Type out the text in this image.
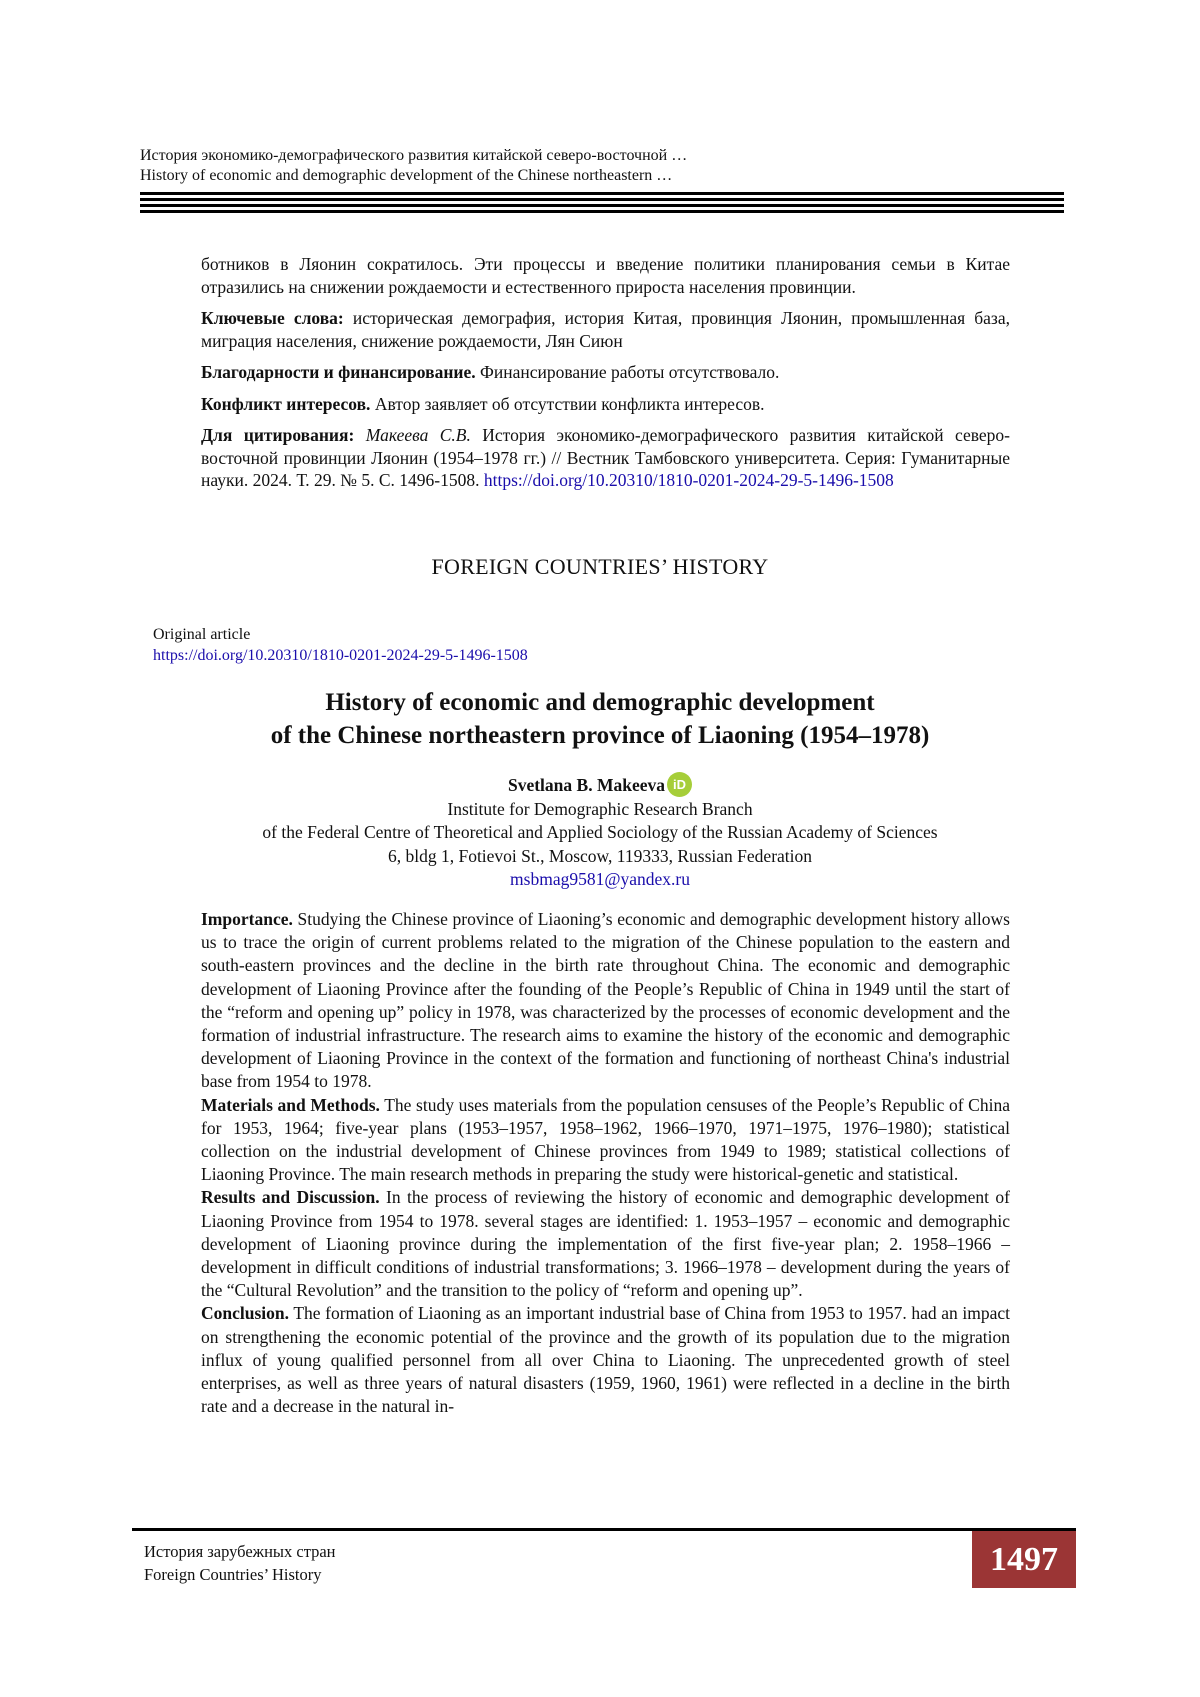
История экономико-демографического развития китайской северо-восточной …
History of economic and demographic development of the Chinese northeastern …

ботников в Ляонин сократилось. Эти процессы и введение политики планирования семьи в Китае отразились на снижении рождаемости и естественного прироста населения провинции.

Ключевые слова: историческая демография, история Китая, провинция Ляонин, промышленная база, миграция населения, снижение рождаемости, Лян Сиюн

Благодарности и финансирование. Финансирование работы отсутствовало.

Конфликт интересов. Автор заявляет об отсутствии конфликта интересов.

Для цитирования: Макеева С.В. История экономико-демографического развития китайской северо-восточной провинции Ляонин (1954–1978 гг.) // Вестник Тамбовского университета. Серия: Гуманитарные науки. 2024. Т. 29. № 5. С. 1496-1508. https://doi.org/10.20310/1810-0201-2024-29-5-1496-1508

FOREIGN COUNTRIES’ HISTORY
Original article
https://doi.org/10.20310/1810-0201-2024-29-5-1496-1508
History of economic and demographic development
of the Chinese northeastern province of Liaoning (1954–1978)
Svetlana B. Makeeva iD
Institute for Demographic Research Branch
of the Federal Centre of Theoretical and Applied Sociology of the Russian Academy of Sciences
6, bldg 1, Fotievoi St., Moscow, 119333, Russian Federation
msbmag9581@yandex.ru

Importance. Studying the Chinese province of Liaoning’s economic and demographic development history allows us to trace the origin of current problems related to the migration of the Chinese population to the eastern and south-eastern provinces and the decline in the birth rate throughout China. The economic and demographic development of Liaoning Province after the founding of the People’s Republic of China in 1949 until the start of the “reform and opening up” policy in 1978, was characterized by the processes of economic development and the formation of industrial infrastructure. The research aims to examine the history of the economic and demographic development of Liaoning Province in the context of the formation and functioning of northeast China's industrial base from 1954 to 1978.

Materials and Methods. The study uses materials from the population censuses of the People’s Republic of China for 1953, 1964; five-year plans (1953–1957, 1958–1962, 1966–1970, 1971–1975, 1976–1980); statistical collection on the industrial development of Chinese provinces from 1949 to 1989; statistical collections of Liaoning Province. The main research methods in preparing the study were historical-genetic and statistical.

Results and Discussion. In the process of reviewing the history of economic and demographic development of Liaoning Province from 1954 to 1978. several stages are identified: 1. 1953–1957 – economic and demographic development of Liaoning province during the implementation of the first five-year plan; 2. 1958–1966 – development in difficult conditions of industrial transformations; 3. 1966–1978 – development during the years of the “Cultural Revolution” and the transition to the policy of “reform and opening up”.

Conclusion. The formation of Liaoning as an important industrial base of China from 1953 to 1957. had an impact on strengthening the economic potential of the province and the growth of its population due to the migration influx of young qualified personnel from all over China to Liaoning. The unprecedented growth of steel enterprises, as well as three years of natural disasters (1959, 1960, 1961) were reflected in a decline in the birth rate and a decrease in the natural in-

История зарубежных стран
Foreign Countries’ History	1497
